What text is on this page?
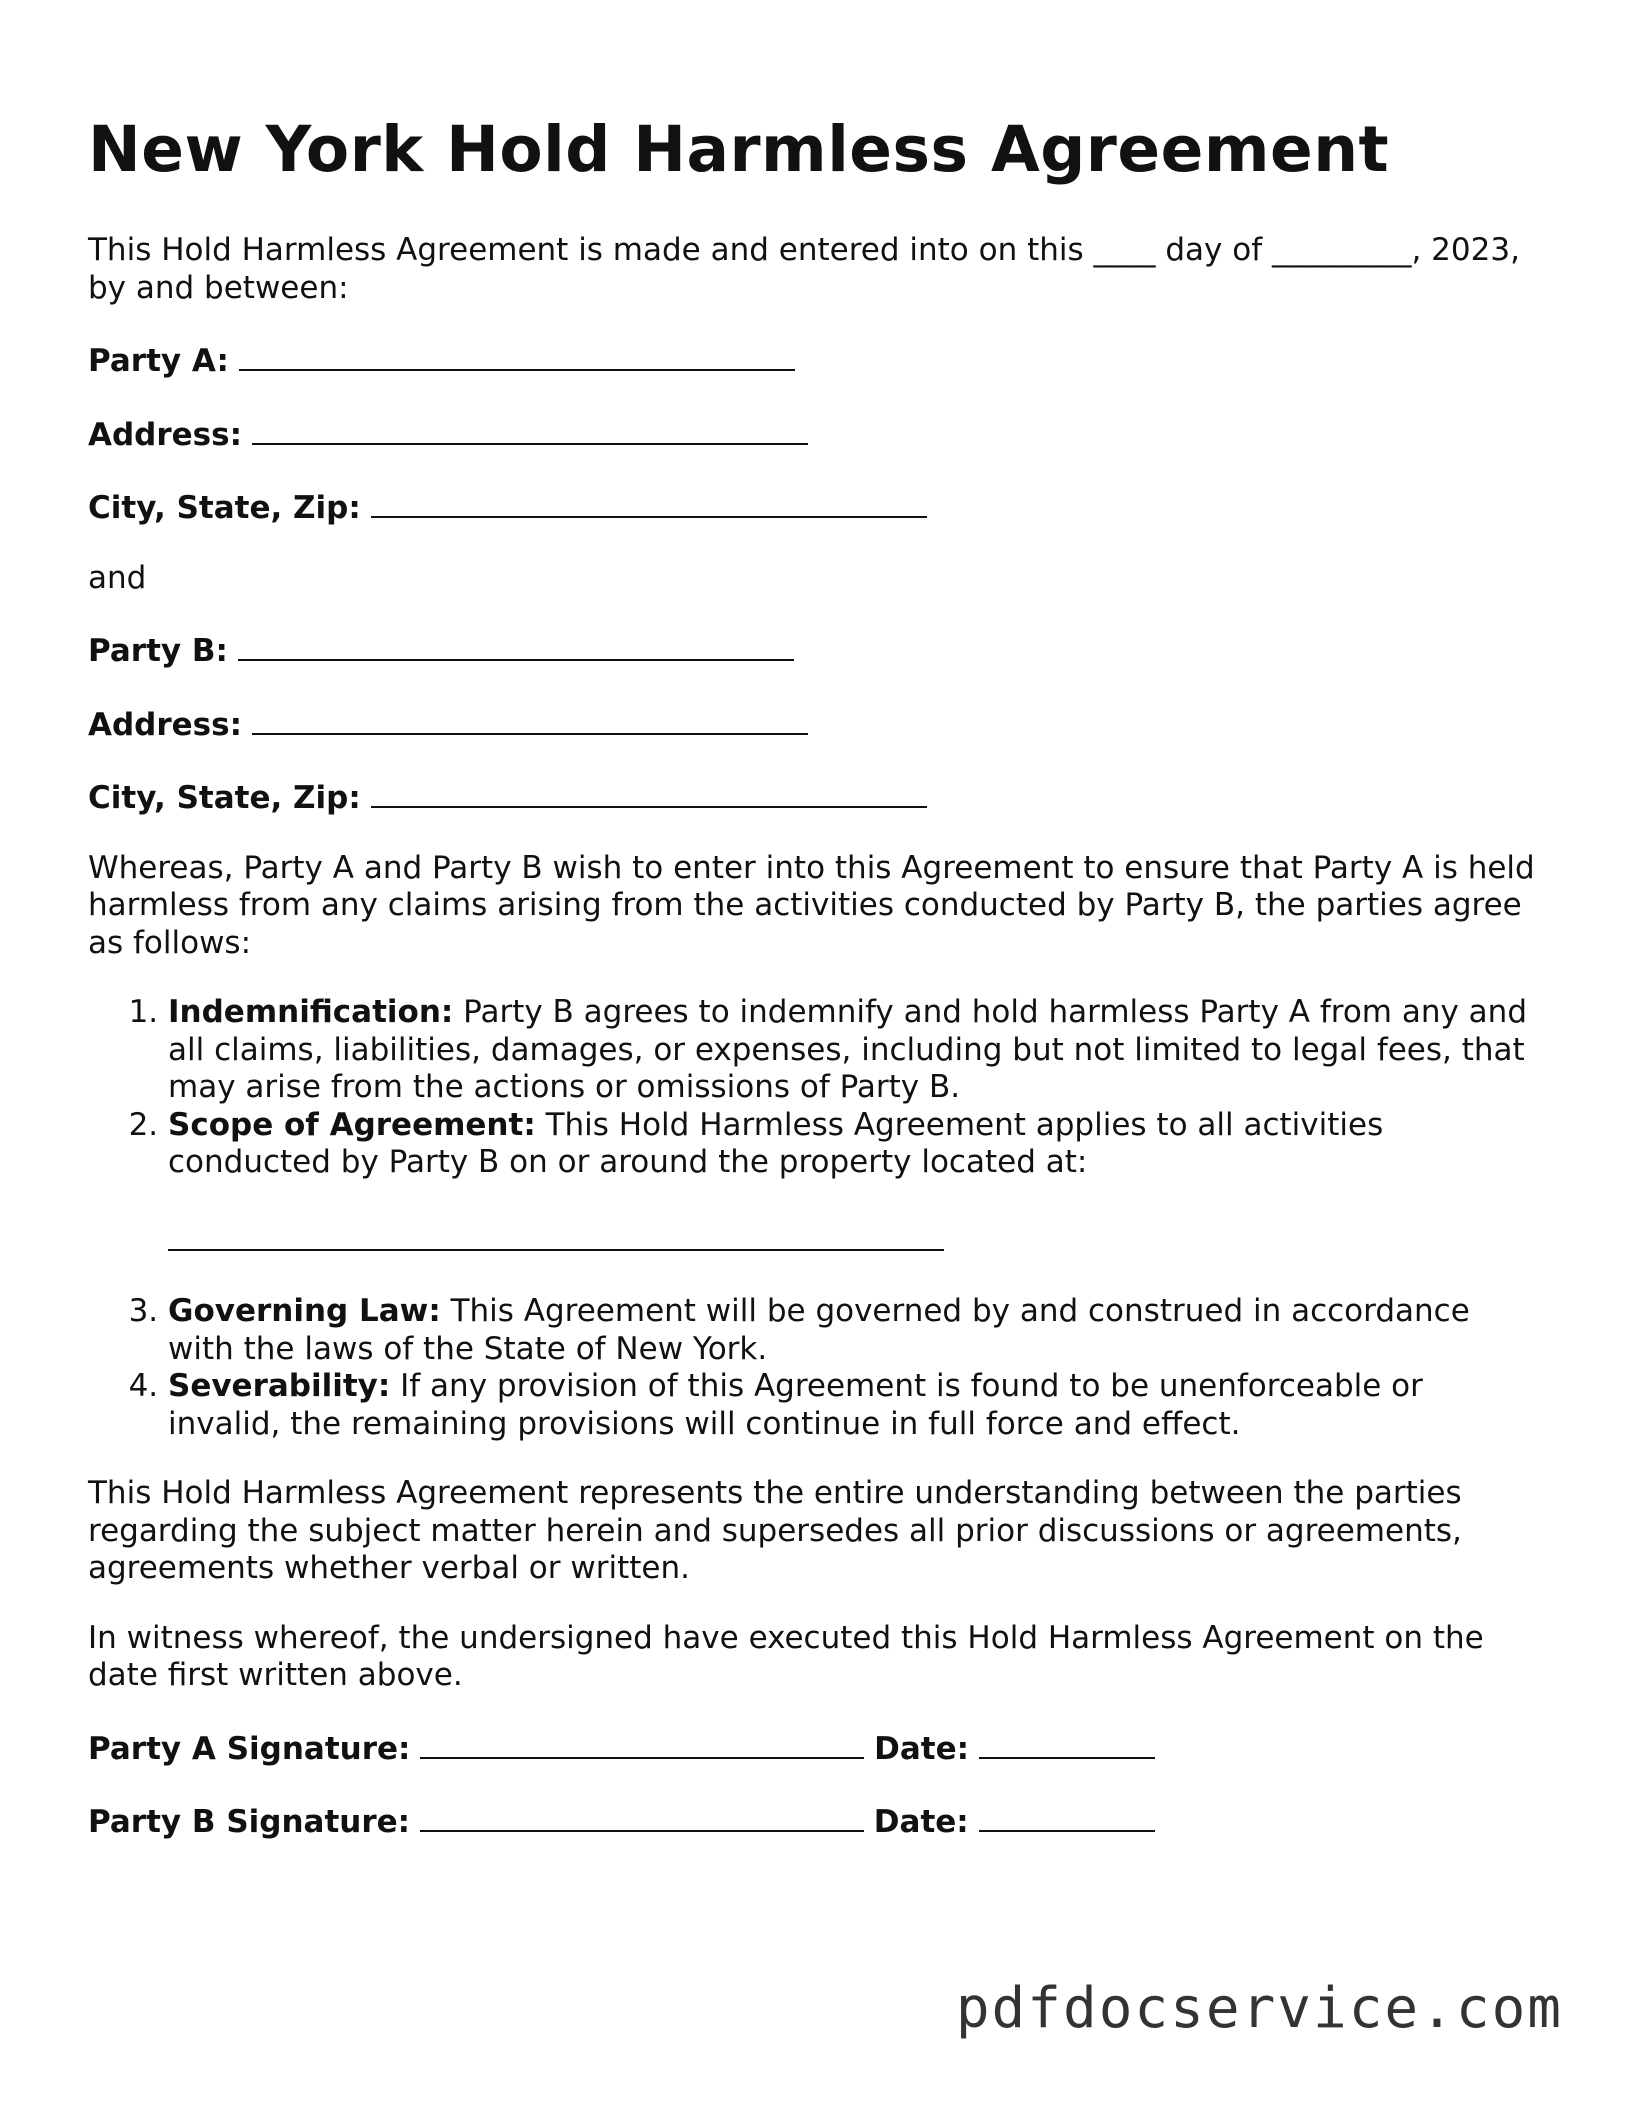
New York Hold Harmless Agreement

This Hold Harmless Agreement is made and entered into on this ____ day of _________, 2023, by and between:

Party A:
Address:
City, State, Zip:

and

Party B:
Address:
City, State, Zip:

Whereas, Party A and Party B wish to enter into this Agreement to ensure that Party A is held harmless from any claims arising from the activities conducted by Party B, the parties agree as follows:

1. Indemnification: Party B agrees to indemnify and hold harmless Party A from any and all claims, liabilities, damages, or expenses, including but not limited to legal fees, that may arise from the actions or omissions of Party B.
2. Scope of Agreement: This Hold Harmless Agreement applies to all activities conducted by Party B on or around the property located at:
3. Governing Law: This Agreement will be governed by and construed in accordance with the laws of the State of New York.
4. Severability: If any provision of this Agreement is found to be unenforceable or invalid, the remaining provisions will continue in full force and effect.

This Hold Harmless Agreement represents the entire understanding between the parties regarding the subject matter herein and supersedes all prior discussions or agreements, agreements whether verbal or written.

In witness whereof, the undersigned have executed this Hold Harmless Agreement on the date first written above.

Party A Signature:	Date:
Party B Signature:	Date:
pdfdocservice.com
